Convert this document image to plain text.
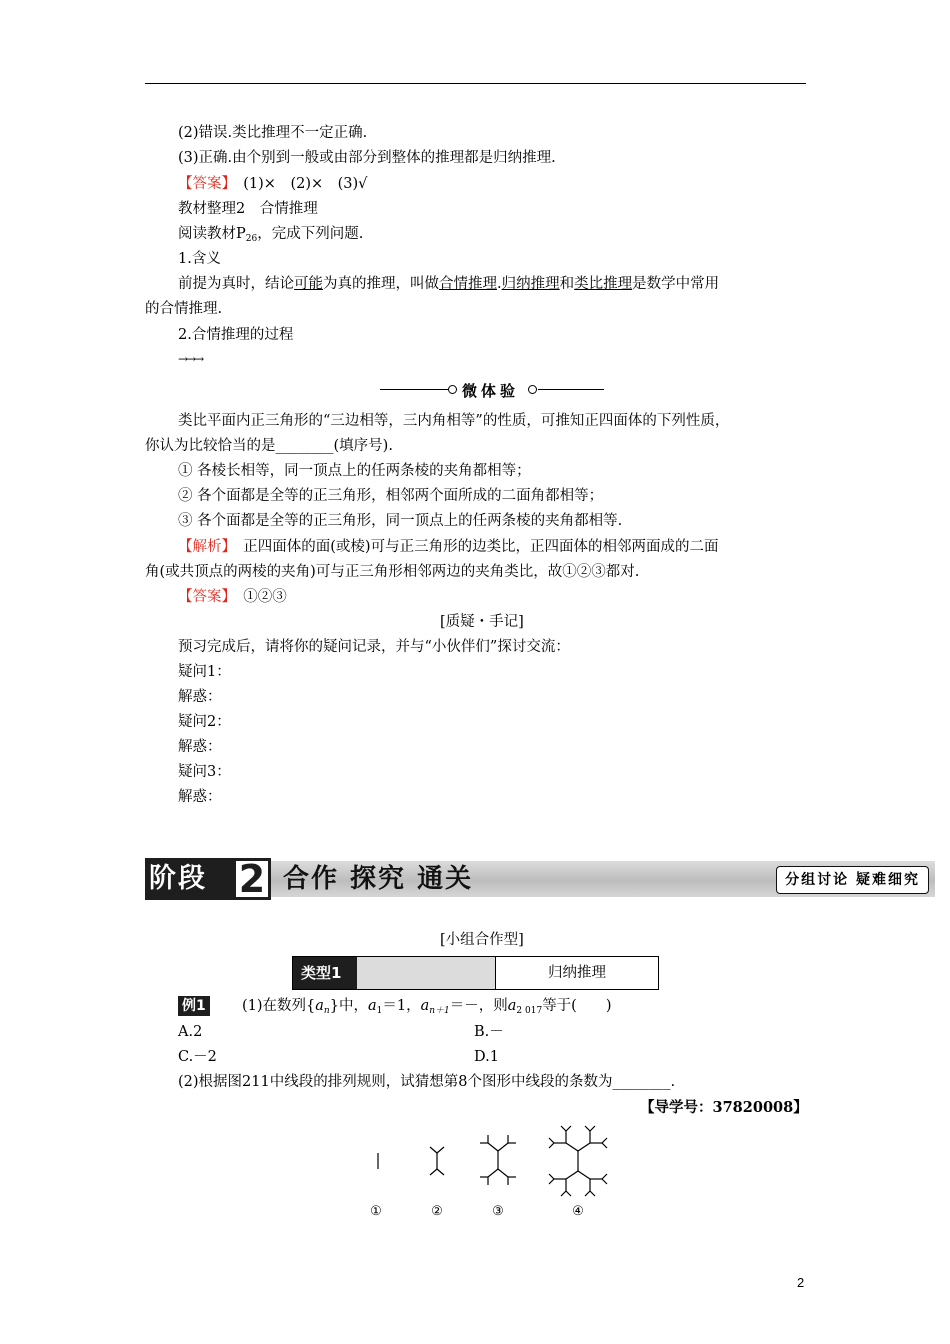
(2)错误.类比推理不一定正确.
(3)正确.由个别到一般或由部分到整体的推理都是归纳推理.
【答案】　 (1)×　(2)×　(3)√
教材整理2　合情推理
阅读教材$P_{26}$，完成下列问题.
1.含义
前提为真时，结论可能为真的推理，叫做合情推理.归纳推理和类比推理是数学中常用
的合情推理.
2.合情推理的过程
→→→
微体验
类比平面内正三角形的“三边相等，三内角相等”的性质，可推知正四面体的下列性质，
你认为比较恰当的是________(填序号).
① 各棱长相等，同一顶点上的任两条棱的夹角都相等；
② 各个面都是全等的正三角形，相邻两个面所成的二面角都相等；
③ 各个面都是全等的正三角形，同一顶点上的任两条棱的夹角都相等.
【解析】　 正四面体的面(或棱)可与正三角形的边类比，正四面体的相邻两面成的二面
角(或共顶点的两棱的夹角)可与正三角形相邻两边的夹角类比，故①②③都对.
【答案】　 ①②③
[质疑・手记]
预习完成后，请将你的疑问记录，并与“小伙伴们”探讨交流：
疑问1：
解惑：
疑问2：
解惑：
疑问3：
解惑：
阶段 2 合作 探究 通关	分组讨论 疑难细究
[小组合作型]
类型1	归纳推理
例1	(1)在数列$\{a_n\}$中，$a_1=1$，$a_{n+1}=-$，则$a_{2 017}$等于(　　)
A.2	B.－
C.－2	D.1
(2)根据图211中线段的排列规则，试猜想第8个图形中线段的条数为________.
【导学号：37820008】
①	②	③	④
2
